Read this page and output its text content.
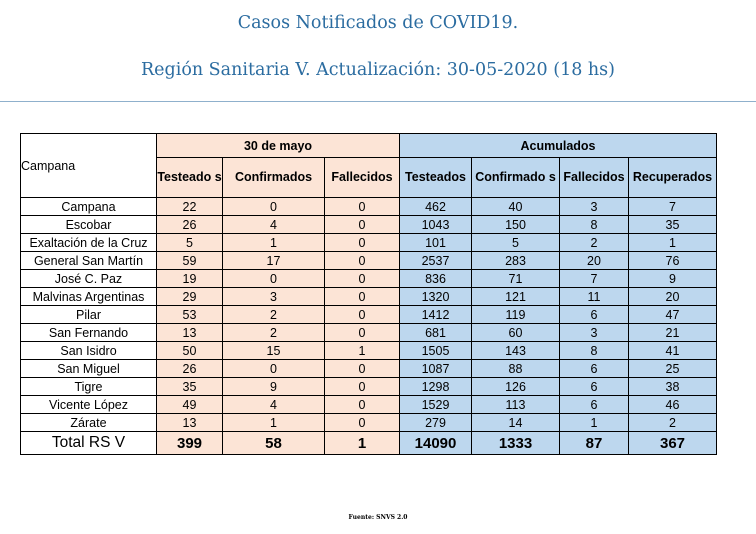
Casos Notificados de COVID19.
Región Sanitaria V. Actualización: 30-05-2020 (18 hs)
Campana	30 de mayo			Acumulados			
	Testeado s	Confirmados	Fallecidos	Testeados	Confirmado s	Fallecidos	Recuperados
Campana	22	0	0	462	40	3	7
Escobar	26	4	0	1043	150	8	35
Exaltación de la Cruz	5	1	0	101	5	2	1
General San Martín	59	17	0	2537	283	20	76
José C. Paz	19	0	0	836	71	7	9
Malvinas Argentinas	29	3	0	1320	121	11	20
Pilar	53	2	0	1412	119	6	47
San Fernando	13	2	0	681	60	3	21
San Isidro	50	15	1	1505	143	8	41
San Miguel	26	0	0	1087	88	6	25
Tigre	35	9	0	1298	126	6	38
Vicente López	49	4	0	1529	113	6	46
Zárate	13	1	0	279	14	1	2
Total RS V	399	58	1	14090	1333	87	367
Fuente: SNVS 2.0
